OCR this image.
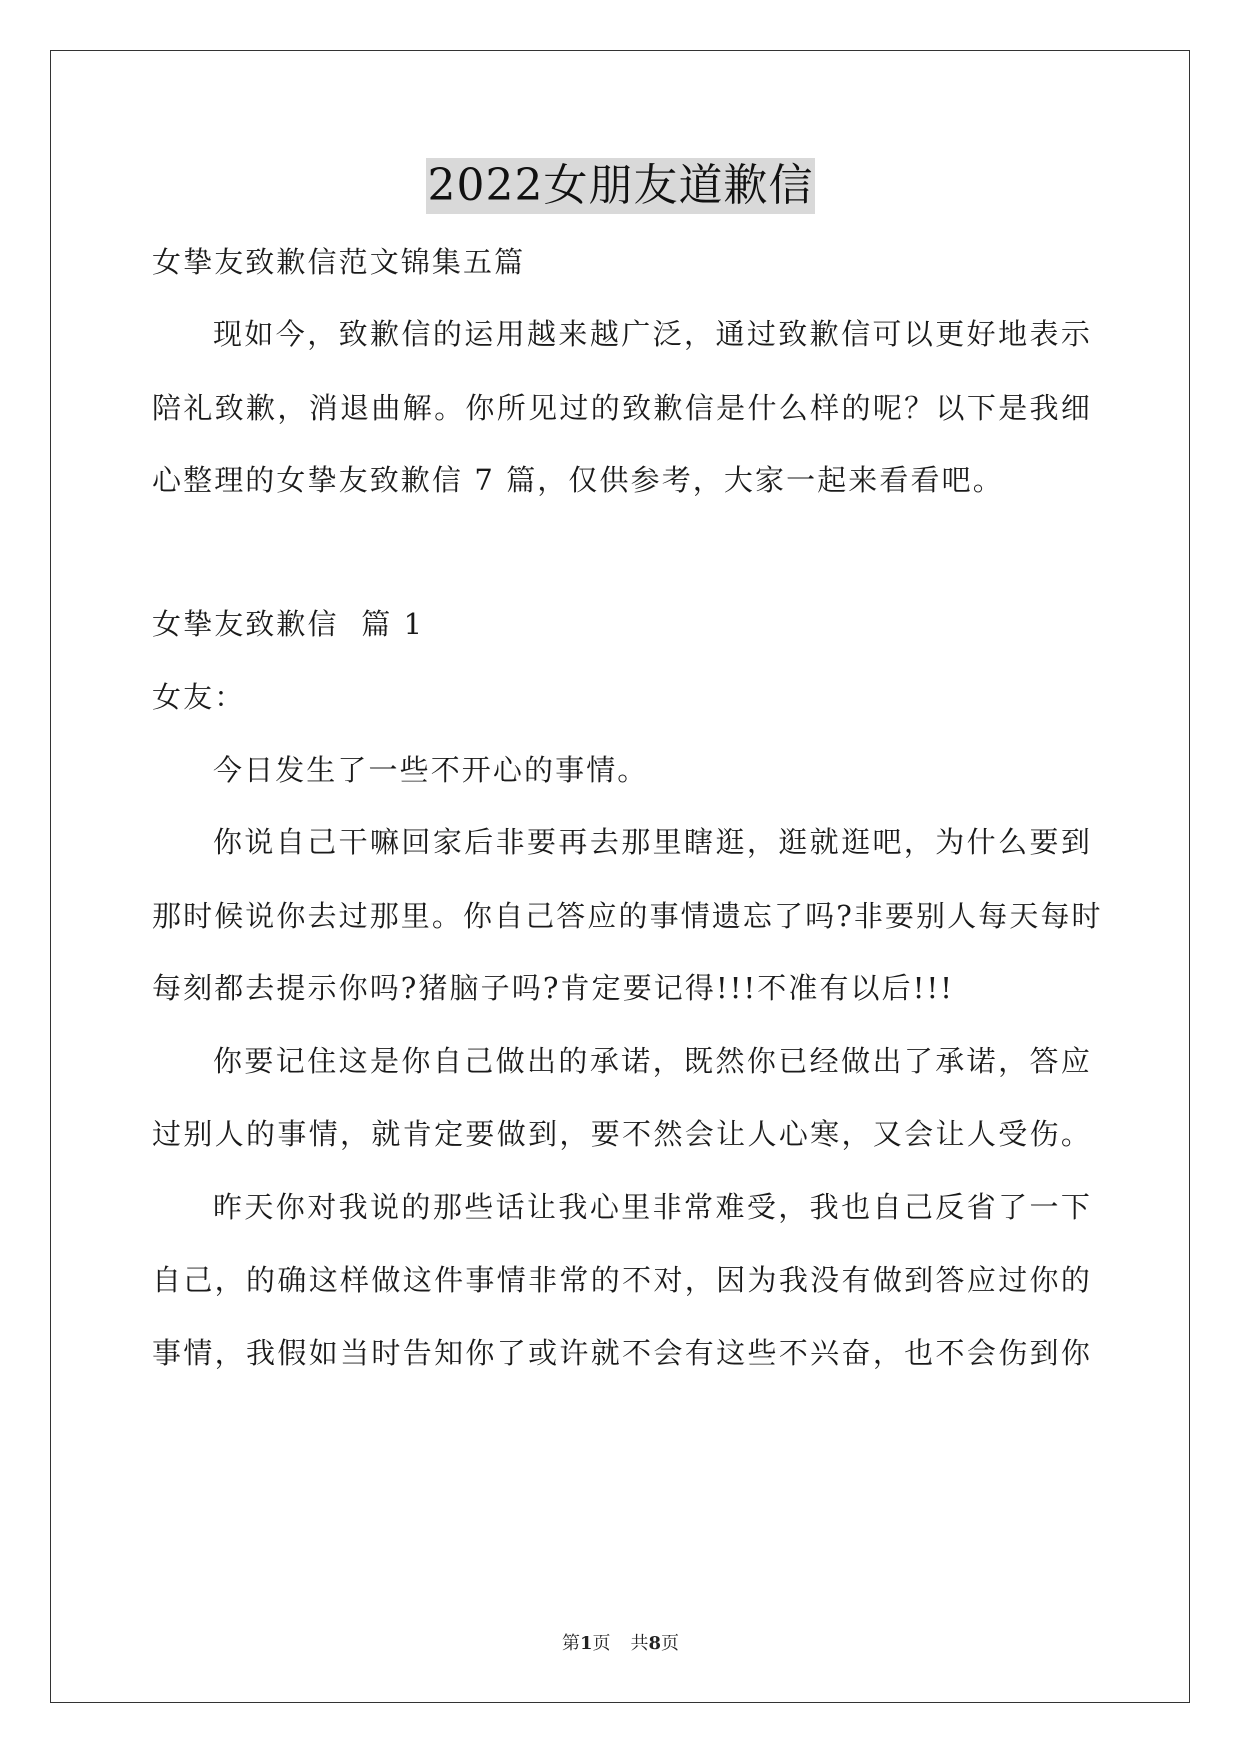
2022女朋友道歉信
女挚友致歉信范文锦集五篇
现如今，致歉信的运用越来越广泛，通过致歉信可以更好地表示
陪礼致歉，消退曲解。你所见过的致歉信是什么样的呢？以下是我细
心整理的女挚友致歉信 7 篇，仅供参考，大家一起来看看吧。
女挚友致歉信  篇 1
女友：
今日发生了一些不开心的事情。
你说自己干嘛回家后非要再去那里瞎逛，逛就逛吧，为什么要到
那时候说你去过那里。你自己答应的事情遗忘了吗?非要别人每天每时
每刻都去提示你吗?猪脑子吗?肯定要记得!!!不准有以后!!!
你要记住这是你自己做出的承诺，既然你已经做出了承诺，答应
过别人的事情，就肯定要做到，要不然会让人心寒，又会让人受伤。
昨天你对我说的那些话让我心里非常难受，我也自己反省了一下
自己，的确这样做这件事情非常的不对，因为我没有做到答应过你的
事情，我假如当时告知你了或许就不会有这些不兴奋，也不会伤到你
第1页 共8页
